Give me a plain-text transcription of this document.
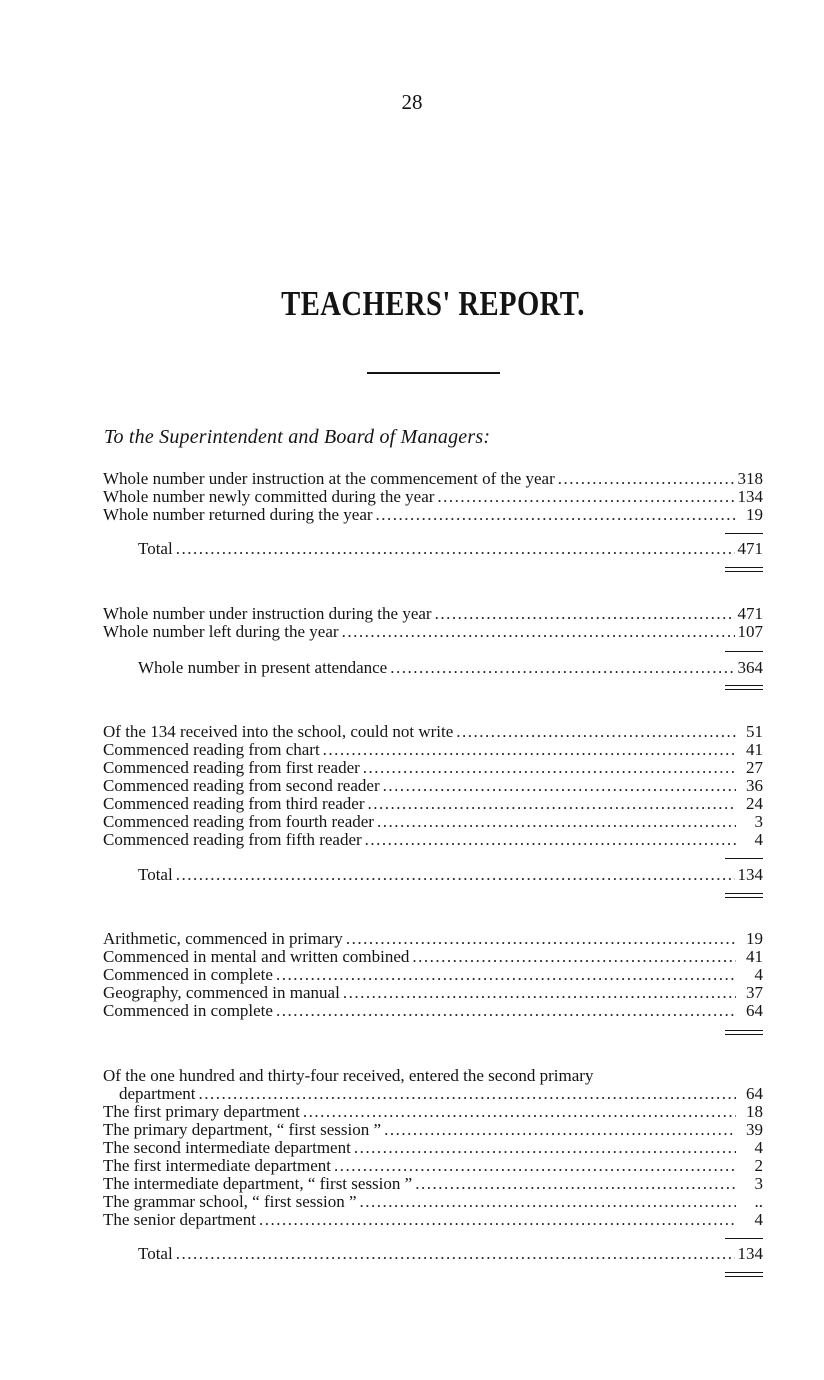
28
TEACHERS' REPORT.
To the Superintendent and Board of Managers:
Whole number under instruction at the commencement of the year .....	318
Whole number newly committed during the year .....	134
Whole number returned during the year .....	19
Total .....	471
Whole number under instruction during the year .....	471
Whole number left during the year .....	107
Whole number in present attendance .....	364
Of the 134 received into the school, could not write .....	51
Commenced reading from chart .....	41
Commenced reading from first reader .....	27
Commenced reading from second reader .....	36
Commenced reading from third reader .....	24
Commenced reading from fourth reader .....	3
Commenced reading from fifth reader .....	4
Total .....	134
Arithmetic, commenced in primary .....	19
Commenced in mental and written combined .....	41
Commenced in complete .....	4
Geography, commenced in manual .....	37
Commenced in complete .....	64
Of the one hundred and thirty-four received, entered the second primary
department .....	64
The first primary department .....	18
The primary department, “ first session ” .....	39
The second intermediate department .....	4
The first intermediate department .....	2
The intermediate department, “ first session ” .....	3
The grammar school, “ first session ” .....	..
The senior department .....	4
Total .....	134
